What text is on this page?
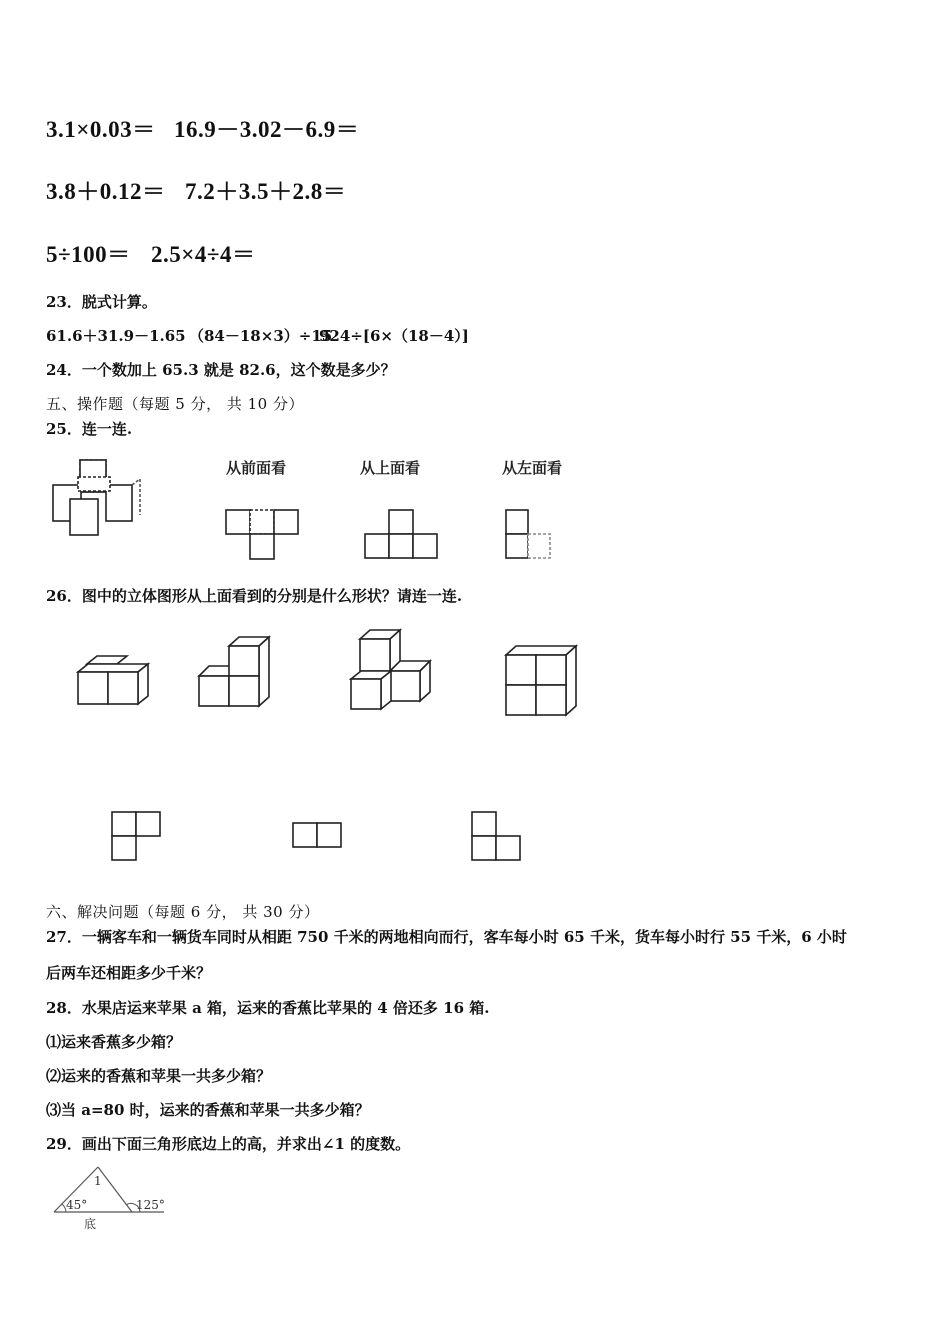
3.1×0.03＝ 16.9－3.02－6.9＝
3.8＋0.12＝ 7.2＋3.5＋2.8＝
5÷100＝ 2.5×4÷4＝
23．脱式计算。
61.6＋31.9－1.65 （84－18×3）÷15
924÷[6×（18－4）]
24．一个数加上 65.3 就是 82.6，这个数是多少？
五、操作题（每题 5 分， 共 10 分）
25．连一连.
从前面看	从上面看	从左面看
26．图中的立体图形从上面看到的分别是什么形状？请连一连.
六、解决问题（每题 6 分， 共 30 分）
27．一辆客车和一辆货车同时从相距 750 千米的两地相向而行，客车每小时 65 千米，货车每小时行 55 千米，6 小时
后两车还相距多少千米？
28．水果店运来苹果 a 箱，运来的香蕉比苹果的 4 倍还多 16 箱.
⑴运来香蕉多少箱？
⑵运来的香蕉和苹果一共多少箱？
⑶当 a=80 时，运来的香蕉和苹果一共多少箱？
29．画出下面三角形底边上的高，并求出∠1 的度数。
1
45°	125°
底
